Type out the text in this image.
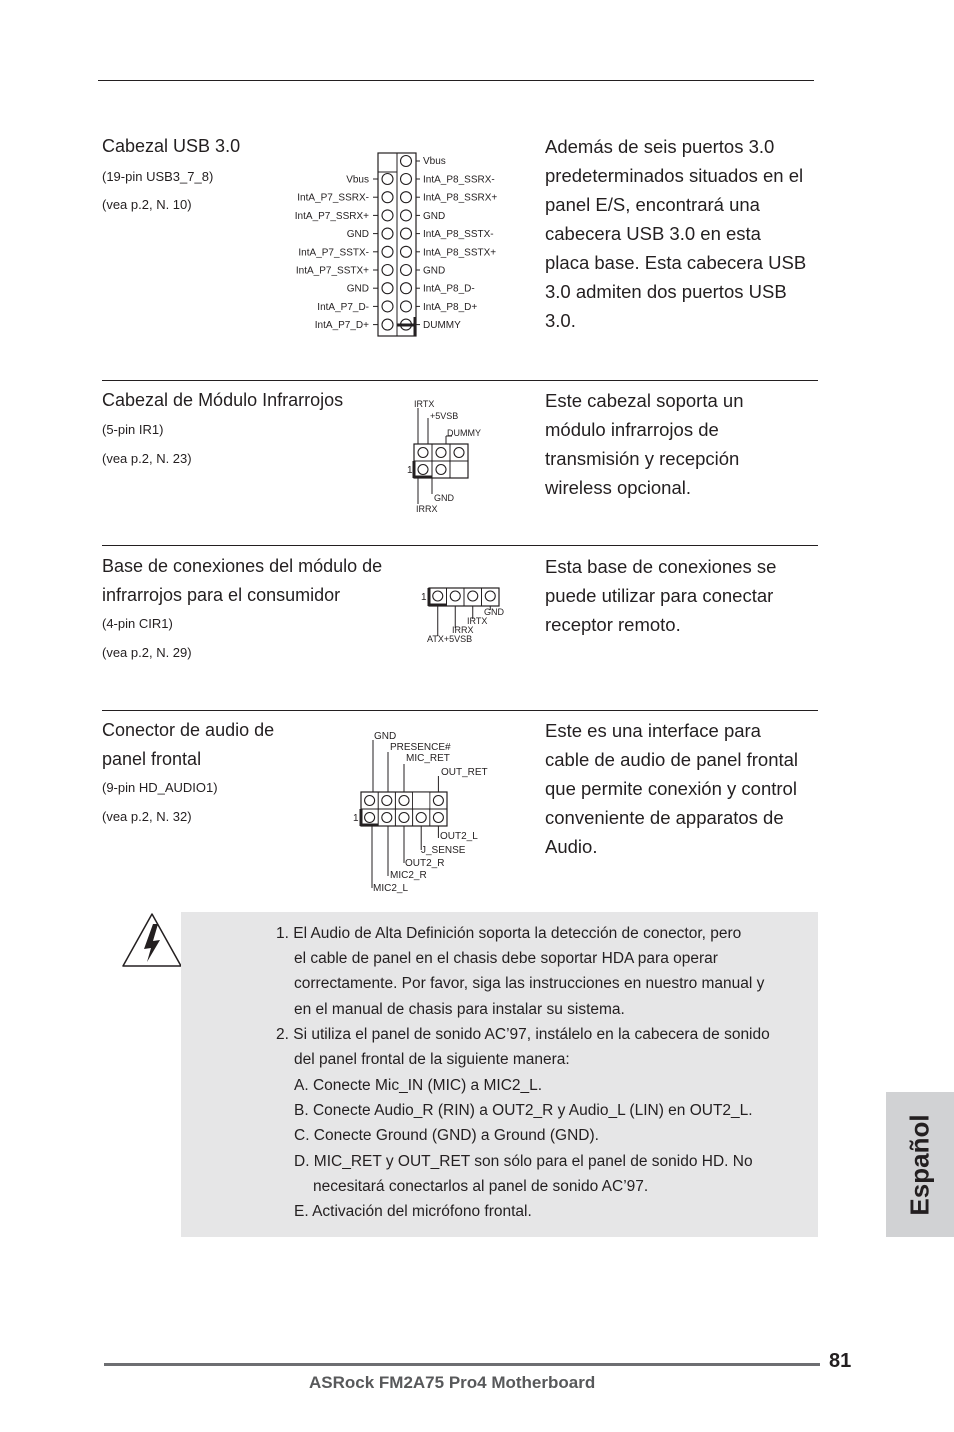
Cabezal USB 3.0
(19-pin USB3_7_8)
(vea p.2, N. 10)
Vbus
IntA_P7_SSRX-
IntA_P7_SSRX+
GND
IntA_P7_SSTX-
IntA_P7_SSTX+
GND
IntA_P7_D-
IntA_P7_D+
IntA_P8_SSRX-
IntA_P8_SSRX+
GND
IntA_P8_SSTX-
IntA_P8_SSTX+
GND
IntA_P8_D-
IntA_P8_D+
DUMMY
Vbus
Además de seis puertos 3.0
predeterminados situados en el
panel E/S, encontrará una
cabecera USB 3.0 en esta
placa base. Esta cabecera USB
3.0 admiten dos puertos USB
3.0.
Cabezal de Módulo Infrarrojos
(5-pin IR1)
(vea p.2, N. 23)
IRTX
+5VSB
DUMMY
1
GND
IRRX
Este cabezal soporta un
módulo infrarrojos de
transmisión y recepción
wireless opcional.
Base de conexiones del módulo de
infrarrojos para el consumidor
(4-pin CIR1)
(vea p.2, N. 29)
1
GND
IRTX
IRRX
ATX+5VSB
Esta base de conexiones se
puede utilizar para conectar
receptor remoto.
Conector de audio de
panel frontal
(9-pin HD_AUDIO1)
(vea p.2, N. 32)
GND
PRESENCE#
MIC_RET
OUT_RET
1
OUT2_L
J_SENSE
OUT2_R
MIC2_R
MIC2_L
Este es una interface para
cable de audio de panel frontal
que permite conexión y control
conveniente de apparatos de
Audio.
1. El Audio de Alta Definición soporta la detección de conector, pero
el cable de panel en el chasis debe soportar HDA para operar
correctamente. Por favor, siga las instrucciones en nuestro manual y
en el manual de chasis para instalar su sistema.
2. Si utiliza el panel de sonido AC’97, instálelo en la cabecera de sonido
del panel frontal de la siguiente manera:
A. Conecte Mic_IN (MIC) a MIC2_L.
B. Conecte Audio_R (RIN) a OUT2_R y Audio_L (LIN) en OUT2_L.
C. Conecte Ground (GND) a Ground (GND).
D. MIC_RET y OUT_RET son sólo para el panel de sonido HD. No
necesitará conectarlos al panel de sonido AC’97.
E. Activación del micrófono frontal.	Español
81
ASRock FM2A75 Pro4 Motherboard
